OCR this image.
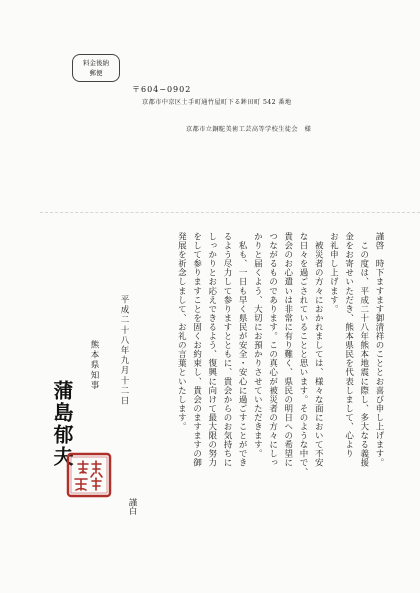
料金後納
郵便
〒604−0902
京都市中京区土手町通竹屋町下る鉾田町 542 番地
京都市立銅駝美術工芸高等学校生徒会　様

謹啓　時下ますます御清祥のこととお喜び申し上げます。

　この度は、平成二十八年熊本地震に際し、多大なる義援

金をお寄せいただき、熊本県民を代表しまして、心より

お礼申し上げます。

　被災者の方々におかれましては、様々な面において不安

な日々を過ごされていることと思います。そのような中で、

貴会のお心遣いは非常に有り難く、県民の明日への希望に

つながるものであります。この真心が被災者の方々にしっ

かりと届くよう、大切にお預かりさせていただきます。

　私も、一日も早く県民が安全・安心に過ごすことができ

るよう尽力して参りますとともに、貴会からのお気持ちに

しっかりとお応えできるよう、復興に向けて最大限の努力

をして参りますことを固くお約束し、貴会のますますの御

発展を祈念しまして、お礼の言葉といたします。

謹白
平成二十八年九月十二日
熊本県知事
蒲島郁夫
